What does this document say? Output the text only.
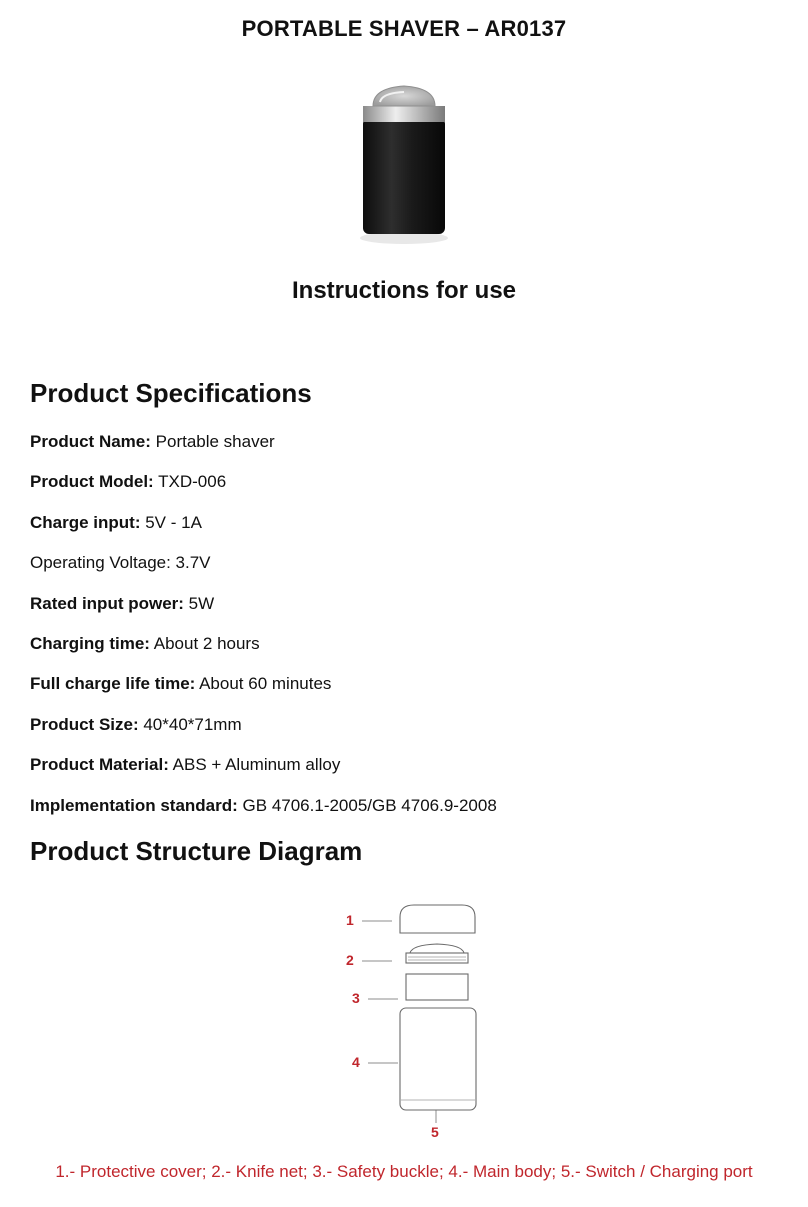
PORTABLE SHAVER – AR0137
Instructions for use
Product Specifications
Product Name: Portable shaver
Product Model: TXD-006
Charge input: 5V - 1A
Operating Voltage: 3.7V
Rated input power: 5W
Charging time: About 2 hours
Full charge life time: About 60 minutes
Product Size: 40*40*71mm
Product Material: ABS + Aluminum alloy
Implementation standard: GB 4706.1-2005/GB 4706.9-2008
Product Structure Diagram
1
2
3
4
5
1.- Protective cover; 2.- Knife net; 3.- Safety buckle; 4.- Main body; 5.- Switch / Charging port
